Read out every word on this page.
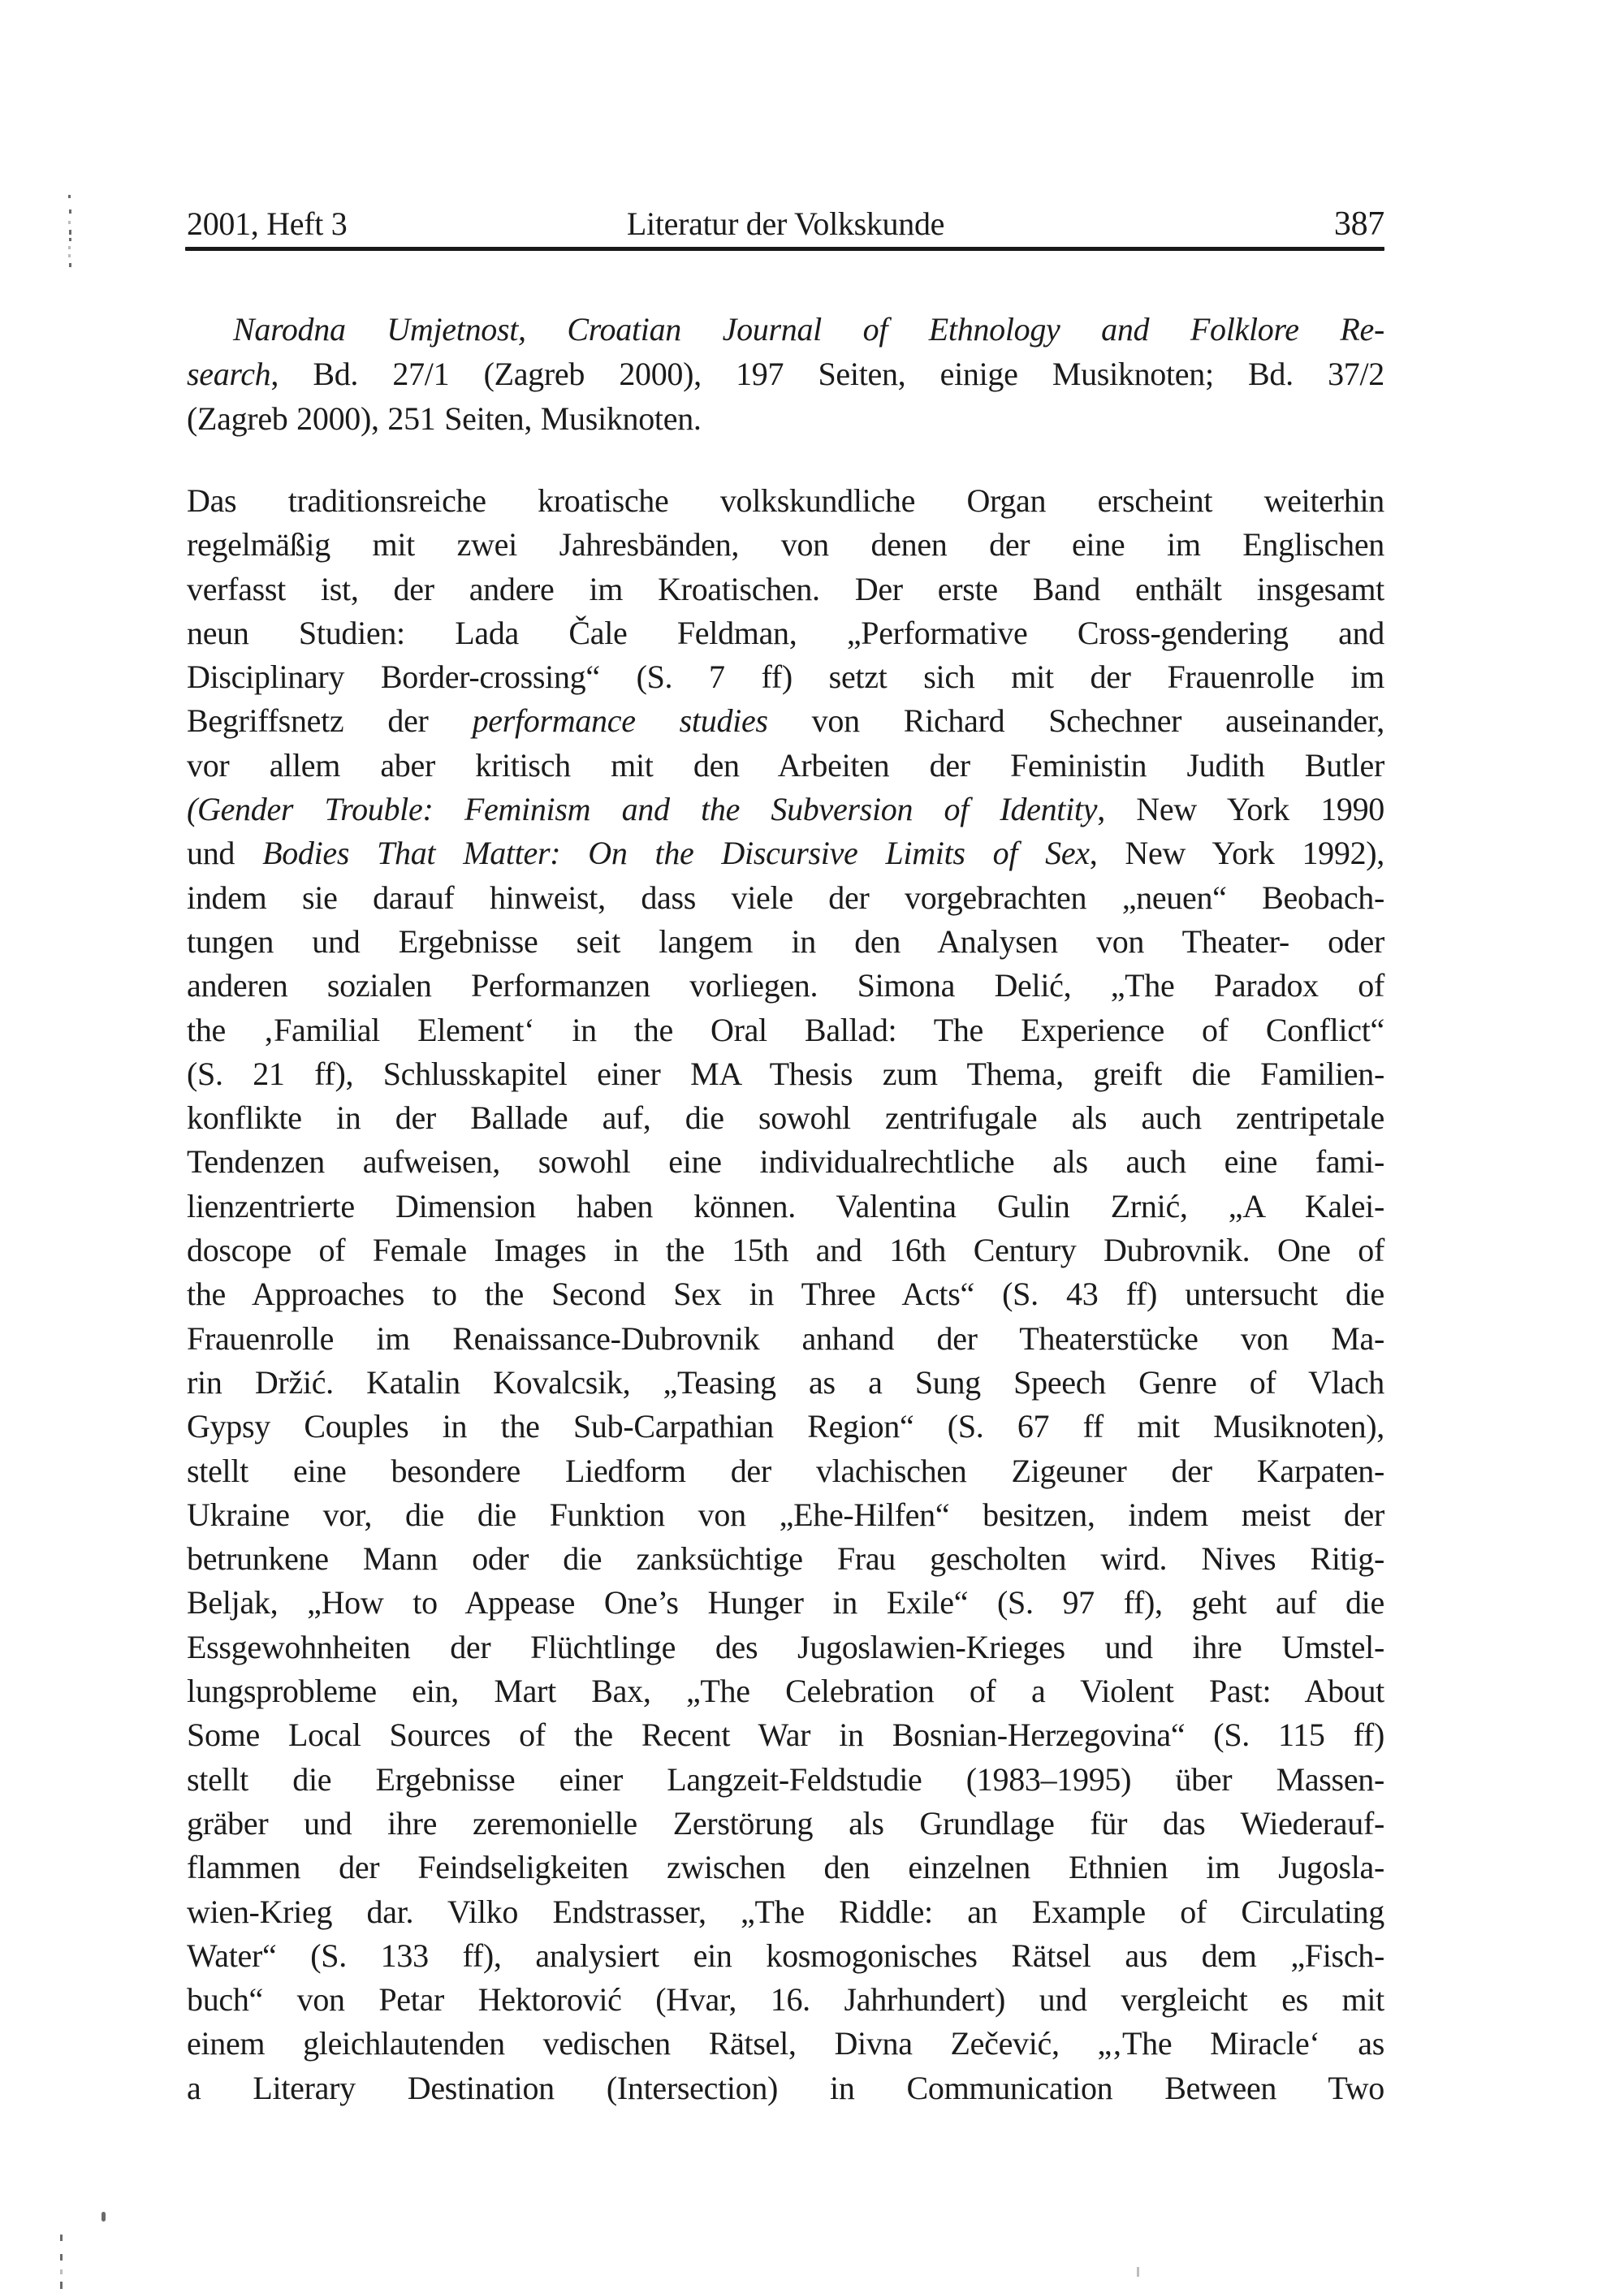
2001, Heft 3	Literatur der Volkskunde	387
Narodna Umjetnost, Croatian Journal of Ethnology and Folklore Re-
search, Bd. 27/1 (Zagreb 2000), 197 Seiten, einige Musiknoten; Bd. 37/2
(Zagreb 2000), 251 Seiten, Musiknoten.
Das traditionsreiche kroatische volkskundliche Organ erscheint weiterhin
regelmäßig mit zwei Jahresbänden, von denen der eine im Englischen
verfasst ist, der andere im Kroatischen. Der erste Band enthält insgesamt
neun Studien: Lada Čale Feldman, „Performative Cross-gendering and
Disciplinary Border-crossing“ (S. 7 ff) setzt sich mit der Frauenrolle im
Begriffsnetz der performance studies von Richard Schechner auseinander,
vor allem aber kritisch mit den Arbeiten der Feministin Judith Butler
(Gender Trouble: Feminism and the Subversion of Identity, New York 1990
und Bodies That Matter: On the Discursive Limits of Sex, New York 1992),
indem sie darauf hinweist, dass viele der vorgebrachten „neuen“ Beobach-
tungen und Ergebnisse seit langem in den Analysen von Theater- oder
anderen sozialen Performanzen vorliegen. Simona Delić, „The Paradox of
the ‚Familial Element‘ in the Oral Ballad: The Experience of Conflict“
(S. 21 ff), Schlusskapitel einer MA Thesis zum Thema, greift die Familien-
konflikte in der Ballade auf, die sowohl zentrifugale als auch zentripetale
Tendenzen aufweisen, sowohl eine individualrechtliche als auch eine fami-
lienzentrierte Dimension haben können. Valentina Gulin Zrnić, „A Kalei-
doscope of Female Images in the 15th and 16th Century Dubrovnik. One of
the Approaches to the Second Sex in Three Acts“ (S. 43 ff) untersucht die
Frauenrolle im Renaissance-Dubrovnik anhand der Theaterstücke von Ma-
rin Držić. Katalin Kovalcsik, „Teasing as a Sung Speech Genre of Vlach
Gypsy Couples in the Sub-Carpathian Region“ (S. 67 ff mit Musiknoten),
stellt eine besondere Liedform der vlachischen Zigeuner der Karpaten-
Ukraine vor, die die Funktion von „Ehe-Hilfen“ besitzen, indem meist der
betrunkene Mann oder die zanksüchtige Frau gescholten wird. Nives Ritig-
Beljak, „How to Appease One’s Hunger in Exile“ (S. 97 ff), geht auf die
Essgewohnheiten der Flüchtlinge des Jugoslawien-Krieges und ihre Umstel-
lungsprobleme ein, Mart Bax, „The Celebration of a Violent Past: About
Some Local Sources of the Recent War in Bosnian-Herzegovina“ (S. 115 ff)
stellt die Ergebnisse einer Langzeit-Feldstudie (1983–1995) über Massen-
gräber und ihre zeremonielle Zerstörung als Grundlage für das Wiederauf-
flammen der Feindseligkeiten zwischen den einzelnen Ethnien im Jugosla-
wien-Krieg dar. Vilko Endstrasser, „The Riddle: an Example of Circulating
Water“ (S. 133 ff), analysiert ein kosmogonisches Rätsel aus dem „Fisch-
buch“ von Petar Hektorović (Hvar, 16. Jahrhundert) und vergleicht es mit
einem gleichlautenden vedischen Rätsel, Divna Zečević, „‚The Miracle‘ as
a Literary Destination (Intersection) in Communication Between Two
